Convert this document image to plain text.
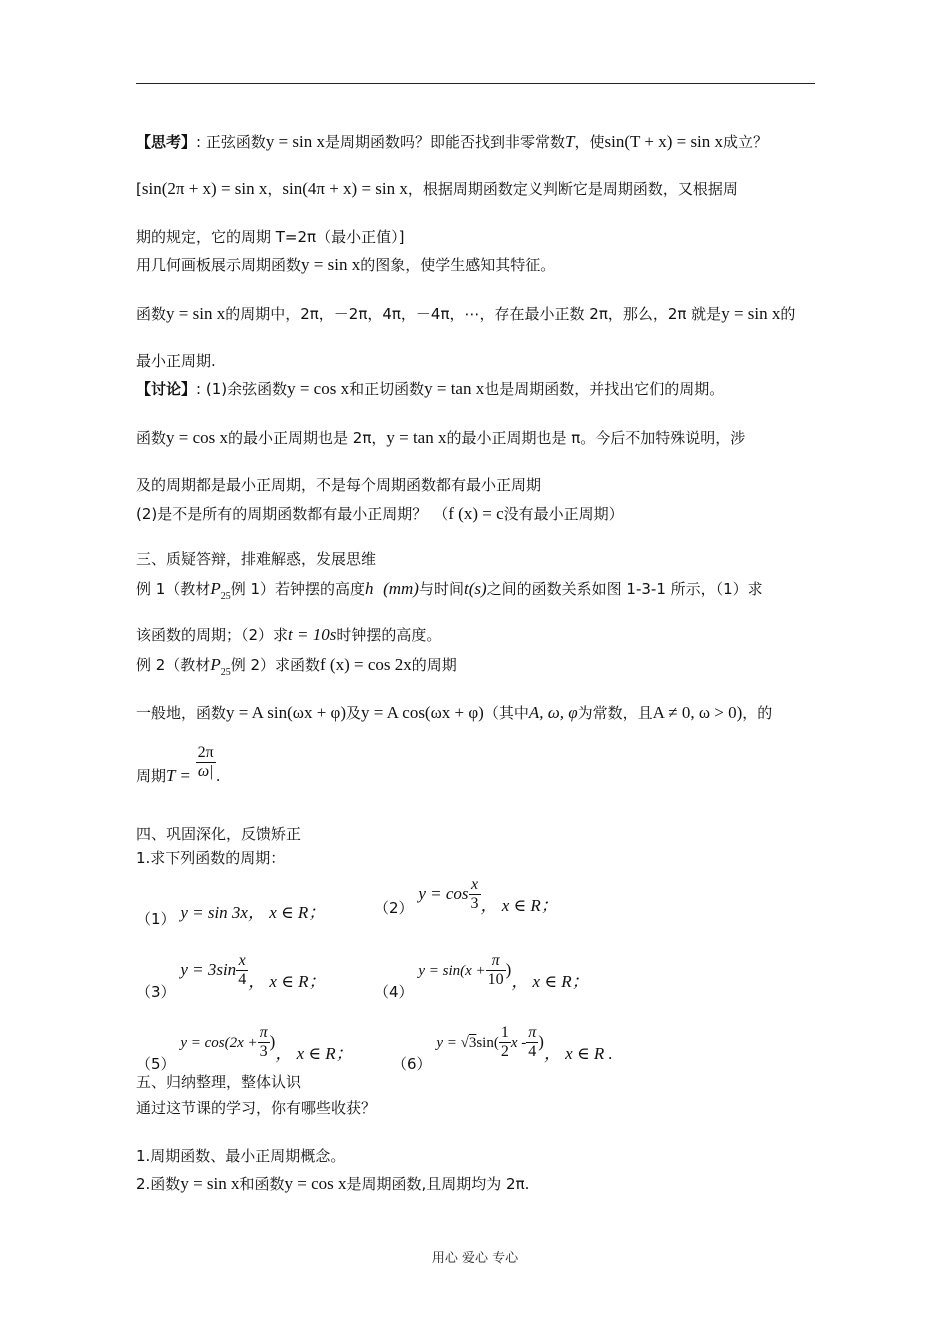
【思考】: 正弦函数y = sin x是周期函数吗？即能否找到非零常数T，使sin(T + x) = sin x成立？
[sin(2π + x) = sin x，sin(4π + x) = sin x，根据周期函数定义判断它是周期函数，又根据周
期的规定，它的周期 T=2π（最小正值）]
用几何画板展示周期函数y = sin x的图象，使学生感知其特征。
函数y = sin x的周期中，2π，－2π，4π，－4π，⋯，存在最小正数 2π，那么，2π 就是y = sin x的
最小正周期.
【讨论】: (1)余弦函数y = cos x和正切函数y = tan x也是周期函数，并找出它们的周期。
函数y = cos x的最小正周期也是 2π，y = tan x的最小正周期也是 π。今后不加特殊说明，涉
及的周期都是最小正周期，不是每个周期函数都有最小正周期
(2)是不是所有的周期函数都有最小正周期？ （f (x) = c没有最小正周期）
三、质疑答辩，排难解惑，发展思维
例 1（教材$P_{25}$例 1）若钟摆的高度h (mm)与时间t(s)之间的函数关系如图 1-3-1 所示，（1）求
该函数的周期；（2）求t = 10s时钟摆的高度。
例 2（教材$P_{25}$例 2）求函数f (x) = cos 2x的周期
一般地，函数y = A sin(ωx + φ)及y = A cos(ωx + φ)（其中A, ω, φ为常数，且A ≠ 0, ω > 0)，的
周期$T = \frac{2\pi}{\omega|}$ .
四、巩固深化，反馈矫正
1.求下列函数的周期：
（1） y = sin 3x， x ∈ R；	（2） $y = \cos \frac{x}{3}$ ， x ∈ R；
（3） $y = 3\sin \frac{x}{4}$ ， x ∈ R；
（4） $y = \sin(x + \frac{\pi}{10}$ )， x ∈ R；
（5） $y = \cos(2x + \frac{\pi}{3}$ )， x ∈ R；
（6） $y = √3\sin( \frac{1}{2}$ x - $\frac{\pi}{4}$ )， x ∈ R .
五、归纳整理，整体认识
通过这节课的学习，你有哪些收获？
1.周期函数、最小正周期概念。
2.函数y = sin x和函数y = cos x是周期函数,且周期均为 2π.
用心 爱心 专心
